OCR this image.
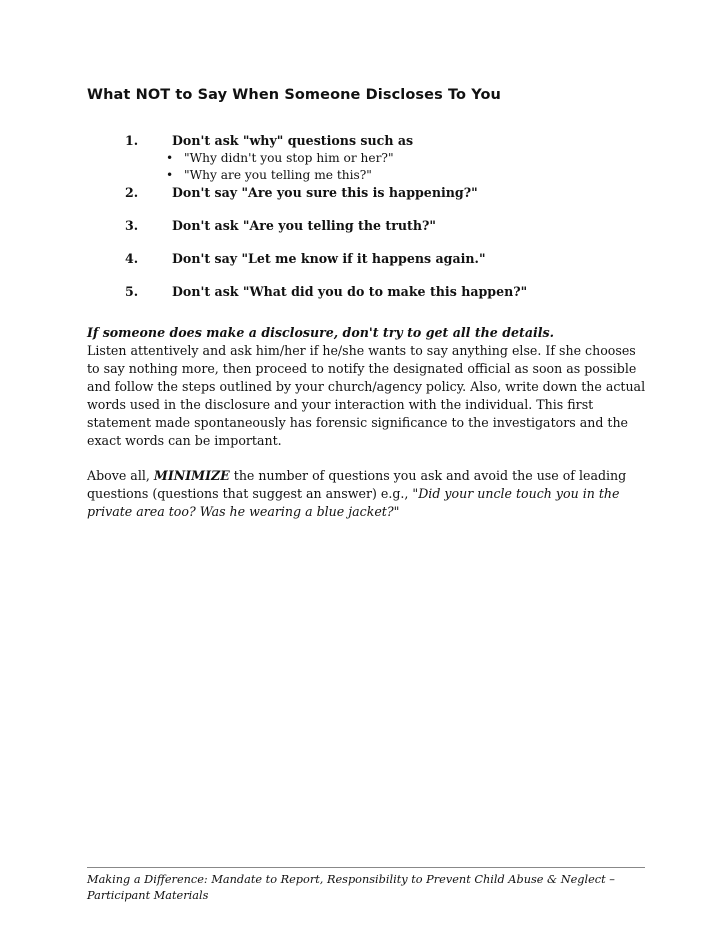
What NOT to Say When Someone Discloses To You
1.	Don't ask "why" questions such as
• "Why didn't you stop him or her?"
• "Why are you telling me this?"
2.	Don't say "Are you sure this is happening?"
3.	Don't ask "Are you telling the truth?"
4.	Don't say "Let me know if it happens again."
5.	Don't ask "What did you do to make this happen?"

If someone does make a disclosure, don't try to get all the details.
Listen attentively and ask him/her if he/she wants to say anything else. If she chooses to say nothing more, then proceed to notify the designated official as soon as possible and follow the steps outlined by your church/agency policy. Also, write down the actual words used in the disclosure and your interaction with the individual. This first statement made spontaneously has forensic significance to the investigators and the exact words can be important.

Above all, MINIMIZE the number of questions you ask and avoid the use of leading questions (questions that suggest an answer) e.g., "Did your uncle touch you in the private area too? Was he wearing a blue jacket?"

Making a Difference: Mandate to Report, Responsibility to Prevent Child Abuse & Neglect –
Participant Materials
